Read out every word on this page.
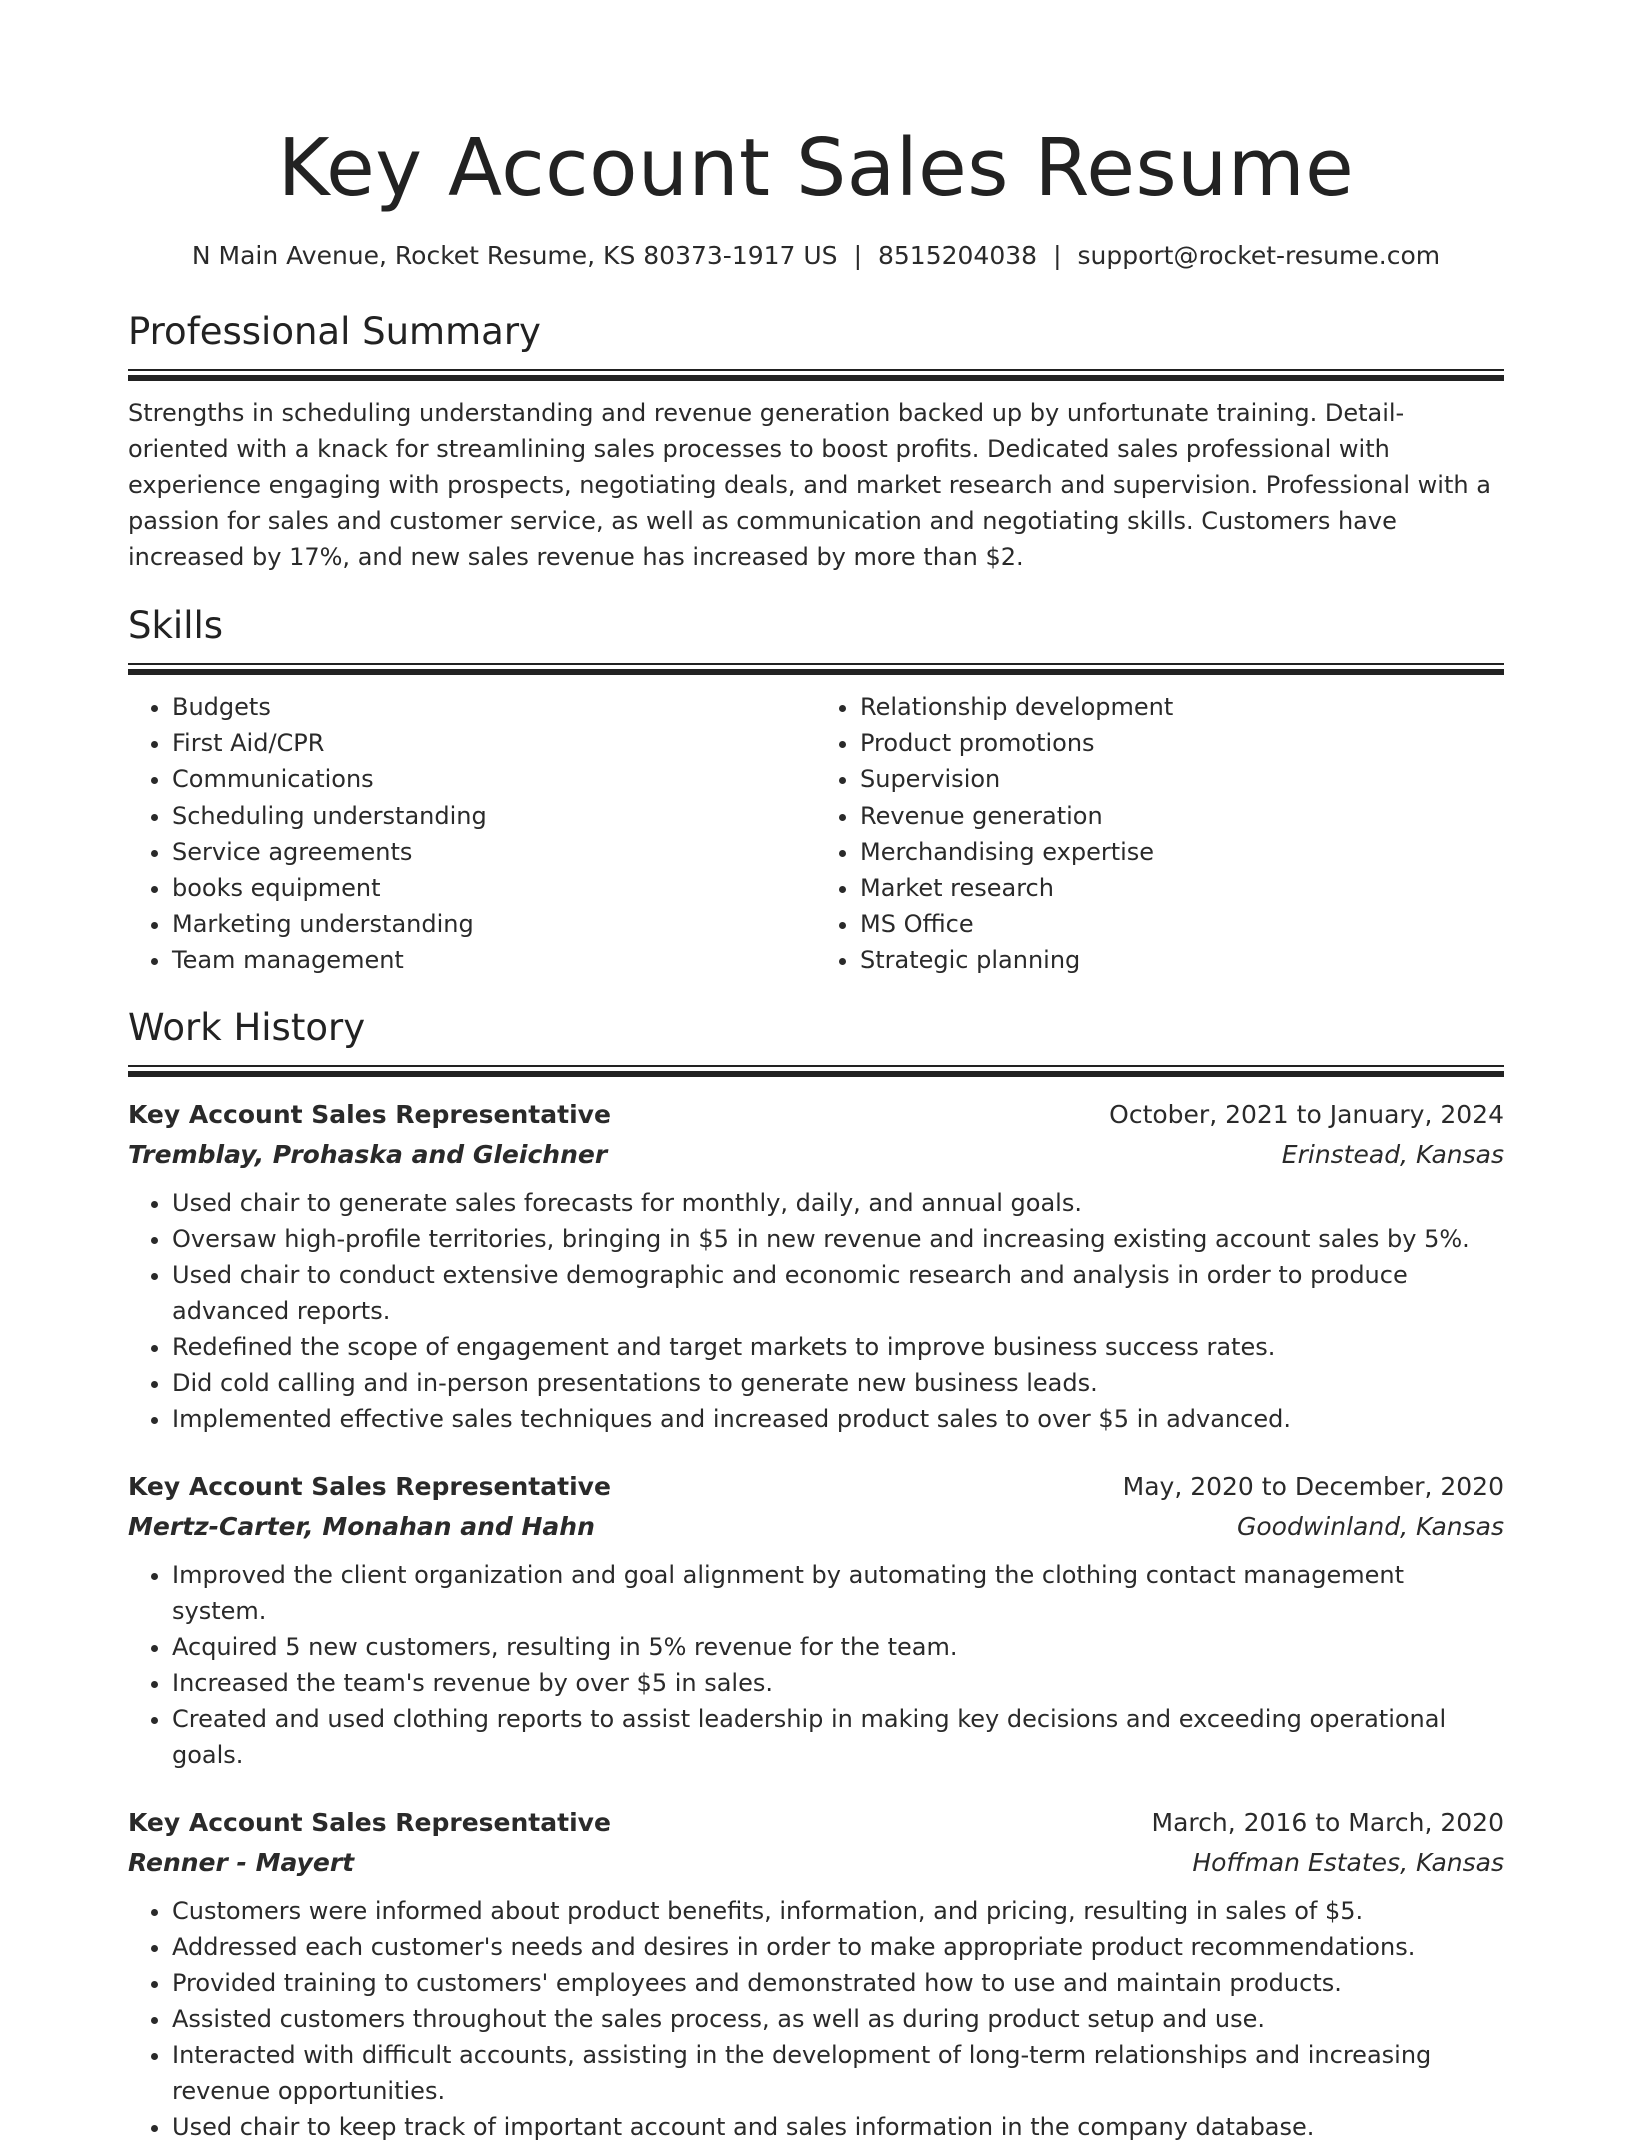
Key Account Sales Resume
N Main Avenue, Rocket Resume, KS 80373-1917 US | 8515204038 | support@rocket-resume.com
Professional Summary

Strengths in scheduling understanding and revenue generation backed up by unfortunate training. Detail-oriented with a knack for streamlining sales processes to boost profits. Dedicated sales professional with experience engaging with prospects, negotiating deals, and market research and supervision. Professional with a passion for sales and customer service, as well as communication and negotiating skills. Customers have increased by 17%, and new sales revenue has increased by more than $2.

Skills
• Budgets
• First Aid/CPR
• Communications
• Scheduling understanding
• Service agreements
• books equipment
• Marketing understanding
• Team management
• Relationship development
• Product promotions
• Supervision
• Revenue generation
• Merchandising expertise
• Market research
• MS Office
• Strategic planning
Work History
Key Account Sales Representative	October, 2021 to January, 2024
Tremblay, Prohaska and Gleichner	Erinstead, Kansas
• Used chair to generate sales forecasts for monthly, daily, and annual goals.
• Oversaw high-profile territories, bringing in $5 in new revenue and increasing existing account sales by 5%.
• Used chair to conduct extensive demographic and economic research and analysis in order to produce advanced reports.
• Redefined the scope of engagement and target markets to improve business success rates.
• Did cold calling and in-person presentations to generate new business leads.
• Implemented effective sales techniques and increased product sales to over $5 in advanced.
Key Account Sales Representative	May, 2020 to December, 2020
Mertz-Carter, Monahan and Hahn	Goodwinland, Kansas
• Improved the client organization and goal alignment by automating the clothing contact management system.
• Acquired 5 new customers, resulting in 5% revenue for the team.
• Increased the team's revenue by over $5 in sales.
• Created and used clothing reports to assist leadership in making key decisions and exceeding operational goals.
Key Account Sales Representative	March, 2016 to March, 2020
Renner - Mayert	Hoffman Estates, Kansas
• Customers were informed about product benefits, information, and pricing, resulting in sales of $5.
• Addressed each customer's needs and desires in order to make appropriate product recommendations.
• Provided training to customers' employees and demonstrated how to use and maintain products.
• Assisted customers throughout the sales process, as well as during product setup and use.
• Interacted with difficult accounts, assisting in the development of long-term relationships and increasing revenue opportunities.
• Used chair to keep track of important account and sales information in the company database.
